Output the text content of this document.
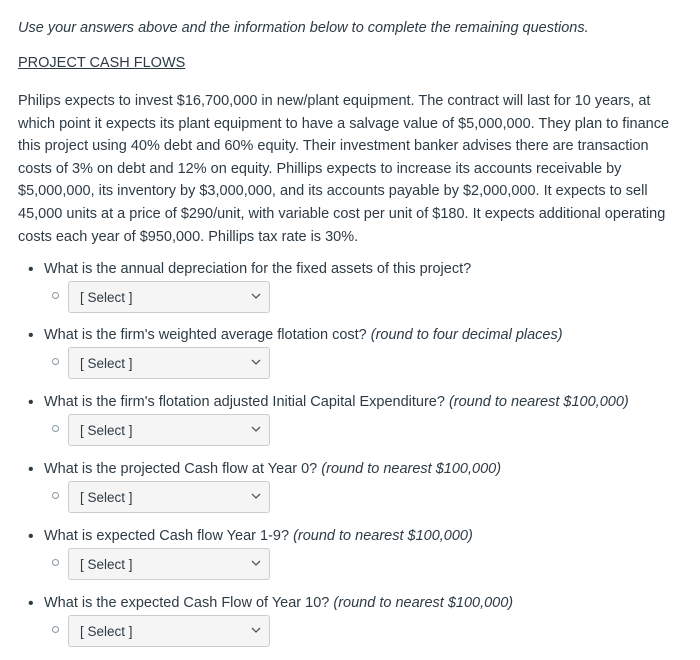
Use your answers above and the information below to complete the remaining questions.
PROJECT CASH FLOWS
Philips expects to invest $16,700,000 in new/plant equipment. The contract will last for 10 years, at which point it expects its plant equipment to have a salvage value of $5,000,000. They plan to finance this project using 40% debt and 60% equity. Their investment banker advises there are transaction costs of 3% on debt and 12% on equity. Phillips expects to increase its accounts receivable by $5,000,000, its inventory by $3,000,000, and its accounts payable by $2,000,000. It expects to sell 45,000 units at a price of $290/unit, with variable cost per unit of $180. It expects additional operating costs each year of $950,000. Phillips tax rate is 30%.
• What is the annual depreciation for the fixed assets of this project?
[ Select ]
• What is the firm's weighted average flotation cost? (round to four decimal places)
[ Select ]
• What is the firm's flotation adjusted Initial Capital Expenditure? (round to nearest $100,000)
[ Select ]
• What is the projected Cash flow at Year 0? (round to nearest $100,000)
[ Select ]
• What is expected Cash flow Year 1-9? (round to nearest $100,000)
[ Select ]
• What is the expected Cash Flow of Year 10? (round to nearest $100,000)
[ Select ]
